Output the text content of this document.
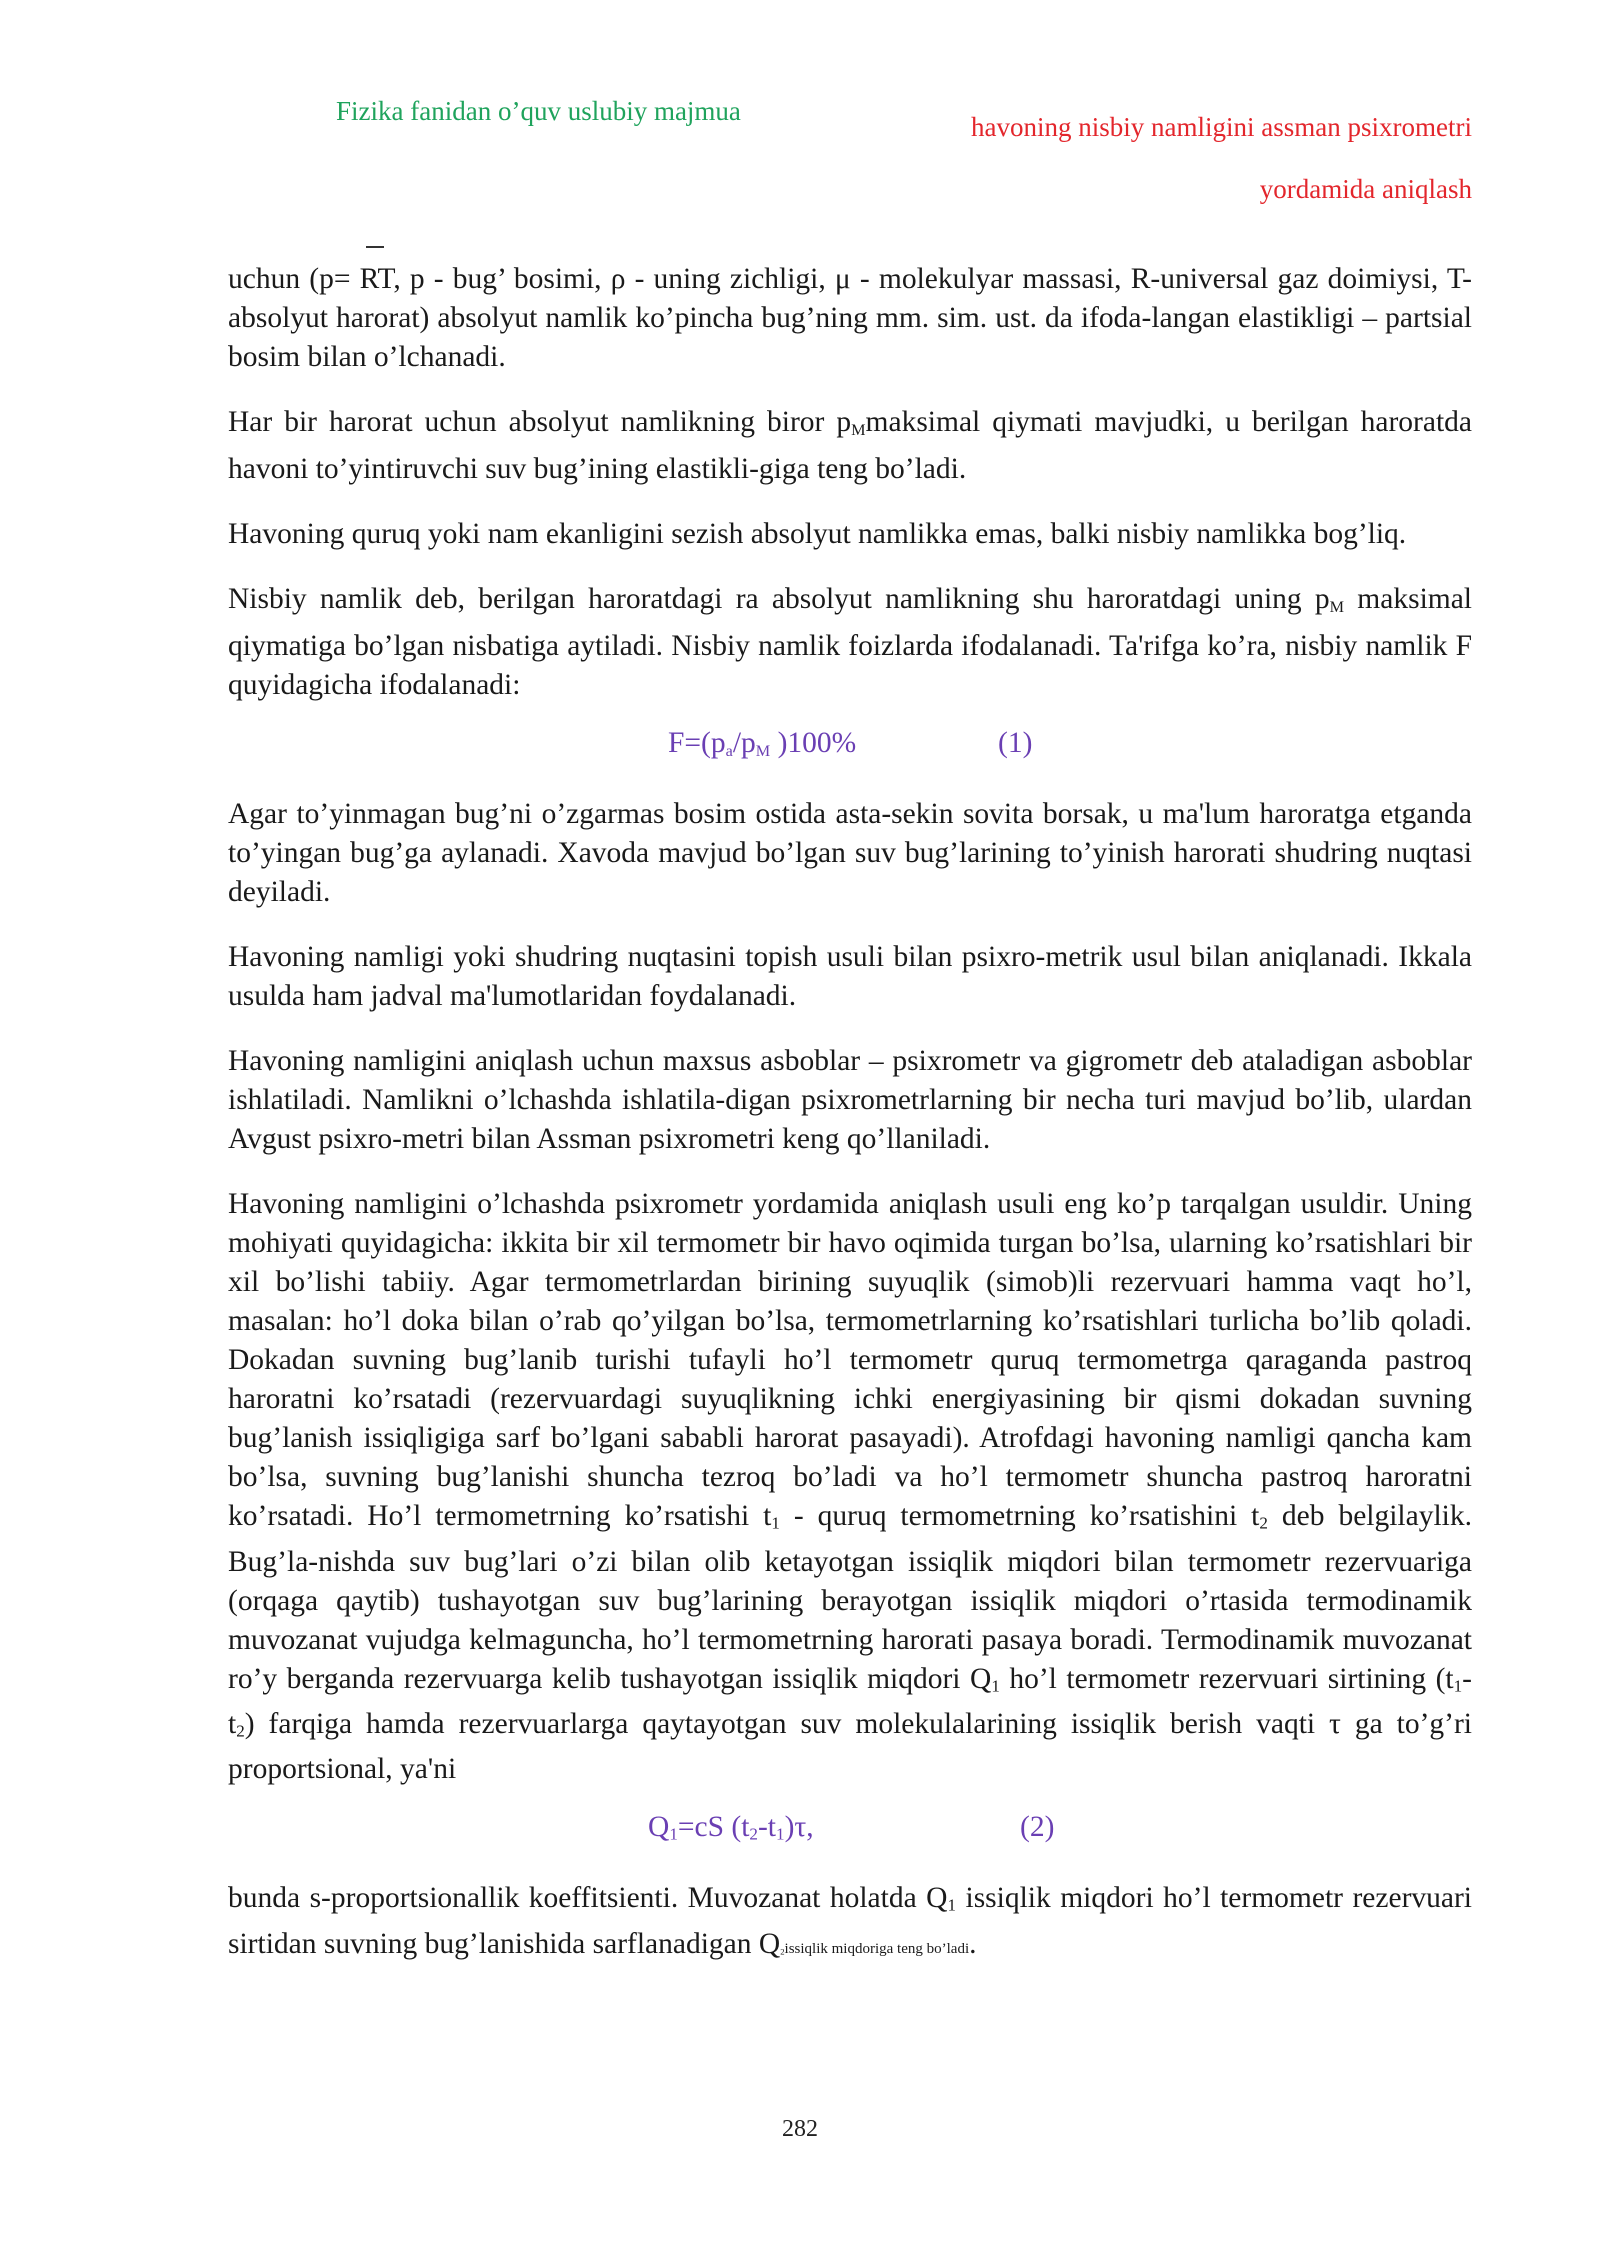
Fizika fanidan o’quv uslubiy majmua
havoning nisbiy namligini assman psixrometri
yordamida aniqlash

uchun (p= RT, p - bug’ bosimi, ρ - uning zichligi, μ - molekulyar massasi, R-universal gaz doimiysi, T-absolyut harorat) absolyut namlik ko’pincha bug’ning mm. sim. ust. da ifoda-langan elastikligi – partsial bosim bilan o’lchanadi.

Har bir harorat uchun absolyut namlikning biror $p_Mmaksimal$ qiymati mavjudki, u berilgan haroratda havoni to’yintiruvchi suv bug’ining elastikli-giga teng bo’ladi.

Havoning quruq yoki nam ekanligini sezish absolyut namlikka emas, balki nisbiy namlikka bog’liq.

Nisbiy namlik deb, berilgan haroratdagi ra absolyut namlikning shu haroratdagi uning $p_M$ maksimal qiymatiga bo’lgan nisbatiga aytiladi. Nisbiy namlik foizlarda ifodalanadi. Ta'rifga ko’ra, nisbiy namlik F quyidagicha ifodalanadi:

$F=(p_a/p_M$ )100%	(1)

Agar to’yinmagan bug’ni o’zgarmas bosim ostida asta-sekin sovita borsak, u ma'lum haroratga etganda to’yingan bug’ga aylanadi. Xavoda mavjud bo’lgan suv bug’larining to’yinish harorati shudring nuqtasi deyiladi.

Havoning namligi yoki shudring nuqtasini topish usuli bilan psixro-metrik usul bilan aniqlanadi. Ikkala usulda ham jadval ma'lumotlaridan foydalanadi.

Havoning namligini aniqlash uchun maxsus asboblar – psixrometr va gigrometr deb ataladigan asboblar ishlatiladi. Namlikni o’lchashda ishlatila-digan psixrometrlarning bir necha turi mavjud bo’lib, ulardan Avgust psixro-metri bilan Assman psixrometri keng qo’llaniladi.

Havoning namligini o’lchashda psixrometr yordamida aniqlash usuli eng ko’p tarqalgan usuldir. Uning mohiyati quyidagicha: ikkita bir xil termometr bir havo oqimida turgan bo’lsa, ularning ko’rsatishlari bir xil bo’lishi tabiiy. Agar termometrlardan birining suyuqlik (simob)li rezervuari hamma vaqt ho’l, masalan: ho’l doka bilan o’rab qo’yilgan bo’lsa, termometrlarning ko’rsatishlari turlicha bo’lib qoladi. Dokadan suvning bug’lanib turishi tufayli ho’l termometr quruq termometrga qaraganda pastroq haroratni ko’rsatadi (rezervuardagi suyuqlikning ichki energiyasining bir qismi dokadan suvning bug’lanish issiqligiga sarf bo’lgani sababli harorat pasayadi). Atrofdagi havoning namligi qancha kam bo’lsa, suvning bug’lanishi shuncha tezroq bo’ladi va ho’l termometr shuncha pastroq haroratni ko’rsatadi. Ho’l termometrning ko’rsatishi t1 - quruq termometrning ko’rsatishini t2 deb belgilaylik. Bug’la-nishda suv bug’lari o’zi bilan olib ketayotgan issiqlik miqdori bilan termometr rezervuariga (orqaga qaytib) tushayotgan suv bug’larining berayotgan issiqlik miqdori o’rtasida termodinamik muvozanat vujudga kelmaguncha, ho’l termometrning harorati pasaya boradi. Termodinamik muvozanat ro’y berganda rezervuarga kelib tushayotgan issiqlik miqdori Q1 ho’l termometr rezervuari sirtining (t1-t2) farqiga hamda rezervuarlarga qaytayotgan suv molekulalarining issiqlik berish vaqti τ ga to’g’ri proportsional, ya'ni

Q1=cS (t2-t1)τ,	(2)

bunda s-proportsionallik koeffitsienti. Muvozanat holatda Q1 issiqlik miqdori ho’l termometr rezervuari sirtidan suvning bug’lanishida sarflanadigan Q2issiqlik miqdoriga teng bo’ladi.

282
